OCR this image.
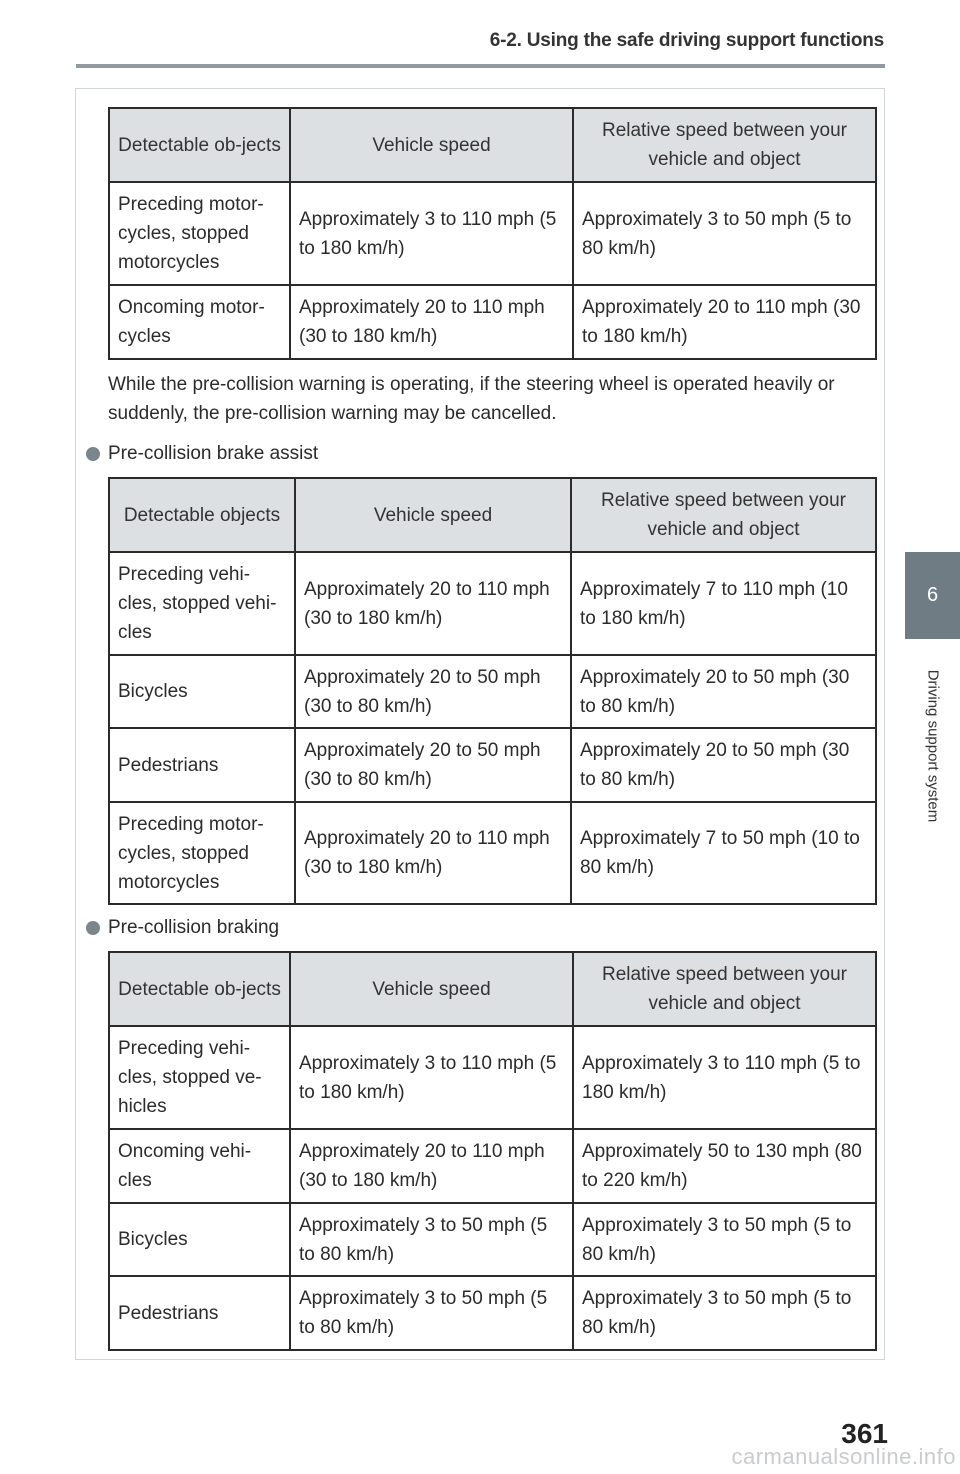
6-2. Using the safe driving support functions
6
Driving support system
Detectable ob-jects	Vehicle speed	Relative speed between your vehicle and object
Preceding motor-cycles, stopped motorcycles	Approximately 3 to 110 mph (5 to 180 km/h)	Approximately 3 to 50 mph (5 to 80 km/h)
Oncoming motor-cycles	Approximately 20 to 110 mph (30 to 180 km/h)	Approximately 20 to 110 mph (30 to 180 km/h)
While the pre-collision warning is operating, if the steering wheel is operated heavily or suddenly, the pre-collision warning may be cancelled.
Pre-collision brake assist
Detectable objects	Vehicle speed	Relative speed between your vehicle and object
Preceding vehi-cles, stopped vehi-cles	Approximately 20 to 110 mph (30 to 180 km/h)	Approximately 7 to 110 mph (10 to 180 km/h)
Bicycles	Approximately 20 to 50 mph (30 to 80 km/h)	Approximately 20 to 50 mph (30 to 80 km/h)
Pedestrians	Approximately 20 to 50 mph (30 to 80 km/h)	Approximately 20 to 50 mph (30 to 80 km/h)
Preceding motor-cycles, stopped motorcycles	Approximately 20 to 110 mph (30 to 180 km/h)	Approximately 7 to 50 mph (10 to 80 km/h)
Pre-collision braking
Detectable ob-jects	Vehicle speed	Relative speed between your vehicle and object
Preceding vehi-cles, stopped ve-hicles	Approximately 3 to 110 mph (5 to 180 km/h)	Approximately 3 to 110 mph (5 to 180 km/h)
Oncoming vehi-cles	Approximately 20 to 110 mph (30 to 180 km/h)	Approximately 50 to 130 mph (80 to 220 km/h)
Bicycles	Approximately 3 to 50 mph (5 to 80 km/h)	Approximately 3 to 50 mph (5 to 80 km/h)
Pedestrians	Approximately 3 to 50 mph (5 to 80 km/h)	Approximately 3 to 50 mph (5 to 80 km/h)
361
carmanualsonline.info
